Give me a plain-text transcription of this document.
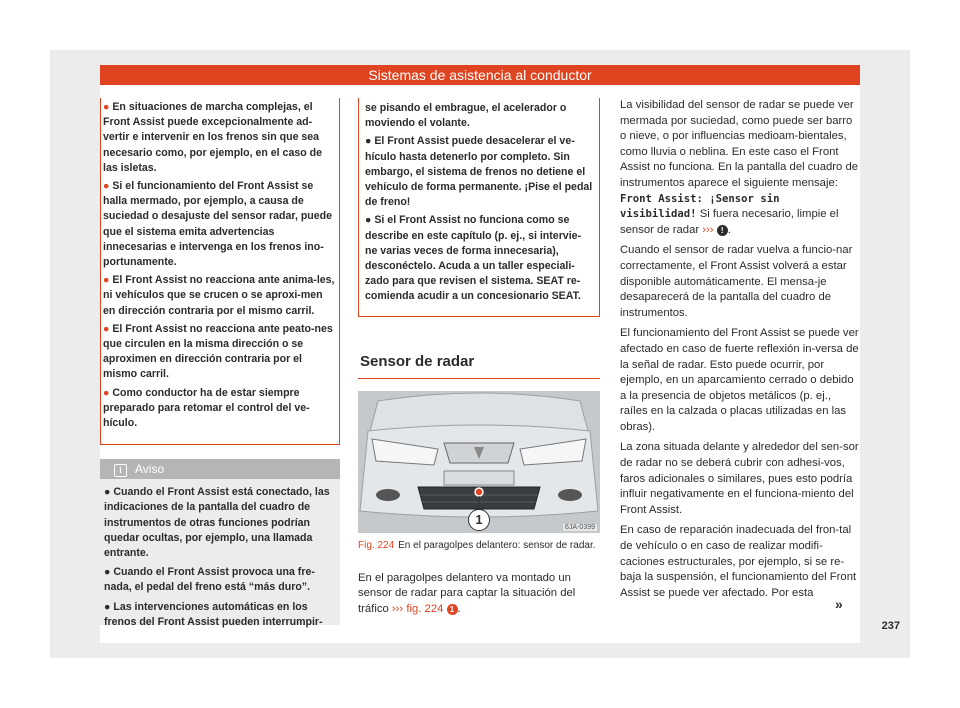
Sistemas de asistencia al conductor

● En situaciones de marcha complejas, el Front Assist puede excepcionalmente ad-vertir e intervenir en los frenos sin que sea necesario como, por ejemplo, en el caso de las isletas.

● Si el funcionamiento del Front Assist se halla mermado, por ejemplo, a causa de suciedad o desajuste del sensor radar, puede que el sistema emita advertencias innecesarias e intervenga en los frenos ino-portunamente.

● El Front Assist no reacciona ante anima-les, ni vehículos que se crucen o se aproxi-men en dirección contraria por el mismo carril.

● El Front Assist no reacciona ante peato-nes que circulen en la misma dirección o se aproximen en dirección contraria por el mismo carril.

● Como conductor ha de estar siempre preparado para retomar el control del ve-hículo.

i Aviso

● Cuando el Front Assist está conectado, las indicaciones de la pantalla del cuadro de instrumentos de otras funciones podrían quedar ocultas, por ejemplo, una llamada entrante.

● Cuando el Front Assist provoca una fre-nada, el pedal del freno está “más duro”.

● Las intervenciones automáticas en los frenos del Front Assist pueden interrumpir-

se pisando el embrague, el acelerador o moviendo el volante.

● El Front Assist puede desacelerar el ve-hículo hasta detenerlo por completo. Sin embargo, el sistema de frenos no detiene el vehículo de forma permanente. ¡Pise el pedal de freno!

● Si el Front Assist no funciona como se describe en este capítulo (p. ej., si intervie-ne varias veces de forma innecesaria), desconéctelo. Acuda a un taller especiali-zado para que revisen el sistema. SEAT re-comienda acudir a un concesionario SEAT.

Sensor de radar
1
6JA-0399
Fig. 224 En el paragolpes delantero: sensor de radar.
En el paragolpes delantero va montado un sensor de radar para captar la situación del tráfico ››› fig. 224 1 .

La visibilidad del sensor de radar se puede ver mermada por suciedad, como puede ser barro o nieve, o por influencias medioam-bientales, como lluvia o neblina. En este caso el Front Assist no funciona. En la pantalla del cuadro de instrumentos aparece el siguiente mensaje: Front Assist: ¡Sensor sin visibilidad! Si fuera necesario, limpie el sensor de radar ››› ! .

Cuando el sensor de radar vuelva a funcio-nar correctamente, el Front Assist volverá a estar disponible automáticamente. El mensa-je desaparecerá de la pantalla del cuadro de instrumentos.

El funcionamiento del Front Assist se puede ver afectado en caso de fuerte reflexión in-versa de la señal de radar. Esto puede ocurrir, por ejemplo, en un aparcamiento cerrado o debido a la presencia de objetos metálicos (p. ej., raíles en la calzada o placas utilizadas en las obras).

La zona situada delante y alrededor del sen-sor de radar no se deberá cubrir con adhesi-vos, faros adicionales o similares, pues esto podría influir negativamente en el funciona-miento del Front Assist.

En caso de reparación inadecuada del fron-tal de vehículo o en caso de realizar modifi-caciones estructurales, por ejemplo, si se re-baja la suspensión, el funcionamiento del Front Assist se puede ver afectado. Por esta

»
237
